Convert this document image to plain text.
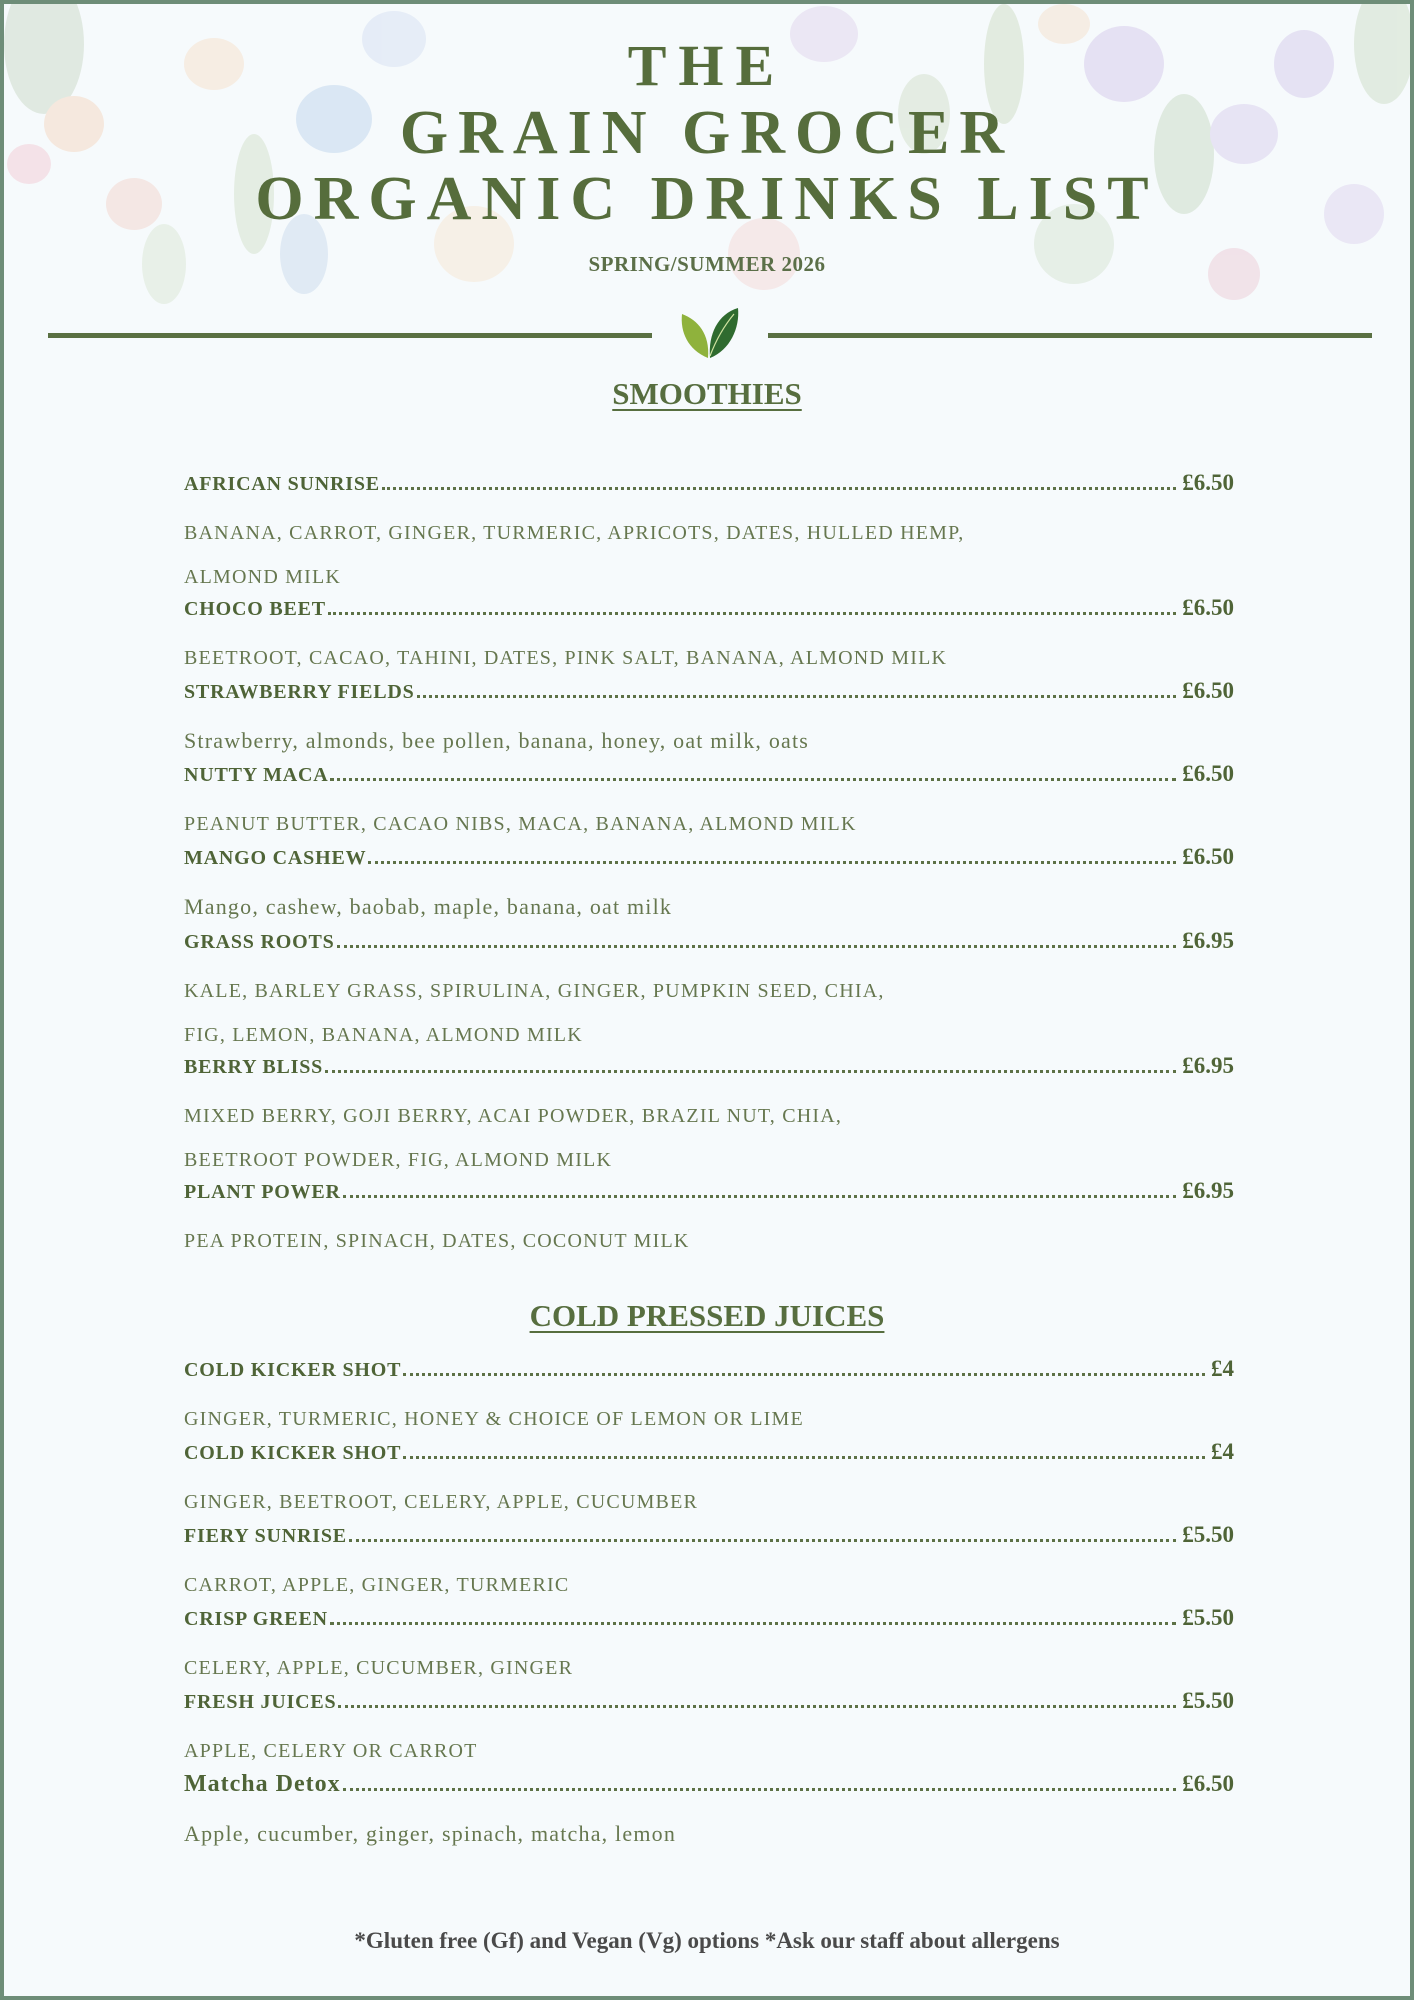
THE
GRAIN GROCER
ORGANIC DRINKS LIST
SPRING/SUMMER 2026
SMOOTHIES
AFRICAN SUNRISE	£6.50
BANANA, CARROT, GINGER, TURMERIC, APRICOTS, DATES, HULLED HEMP,
ALMOND MILK
CHOCO BEET	£6.50
BEETROOT, CACAO, TAHINI, DATES, PINK SALT, BANANA, ALMOND MILK
STRAWBERRY FIELDS	£6.50
Strawberry, almonds, bee pollen, banana, honey, oat milk, oats
NUTTY MACA	£6.50
PEANUT BUTTER, CACAO NIBS, MACA, BANANA, ALMOND MILK
MANGO CASHEW	£6.50
Mango, cashew, baobab, maple, banana, oat milk
GRASS ROOTS	£6.95
KALE, BARLEY GRASS, SPIRULINA, GINGER, PUMPKIN SEED, CHIA,
FIG, LEMON, BANANA, ALMOND MILK
BERRY BLISS	£6.95
MIXED BERRY, GOJI BERRY, ACAI POWDER, BRAZIL NUT, CHIA,
BEETROOT POWDER, FIG, ALMOND MILK
PLANT POWER	£6.95
PEA PROTEIN, SPINACH, DATES, COCONUT MILK
COLD PRESSED JUICES
COLD KICKER SHOT	£4
GINGER, TURMERIC, HONEY & CHOICE OF LEMON OR LIME
COLD KICKER SHOT	£4
GINGER, BEETROOT, CELERY, APPLE, CUCUMBER
FIERY SUNRISE	£5.50
CARROT, APPLE, GINGER, TURMERIC
CRISP GREEN	£5.50
CELERY, APPLE, CUCUMBER, GINGER
FRESH JUICES	£5.50
APPLE, CELERY OR CARROT
Matcha Detox	£6.50
Apple, cucumber, ginger, spinach, matcha, lemon
*Gluten free (Gf) and Vegan (Vg) options *Ask our staff about allergens
